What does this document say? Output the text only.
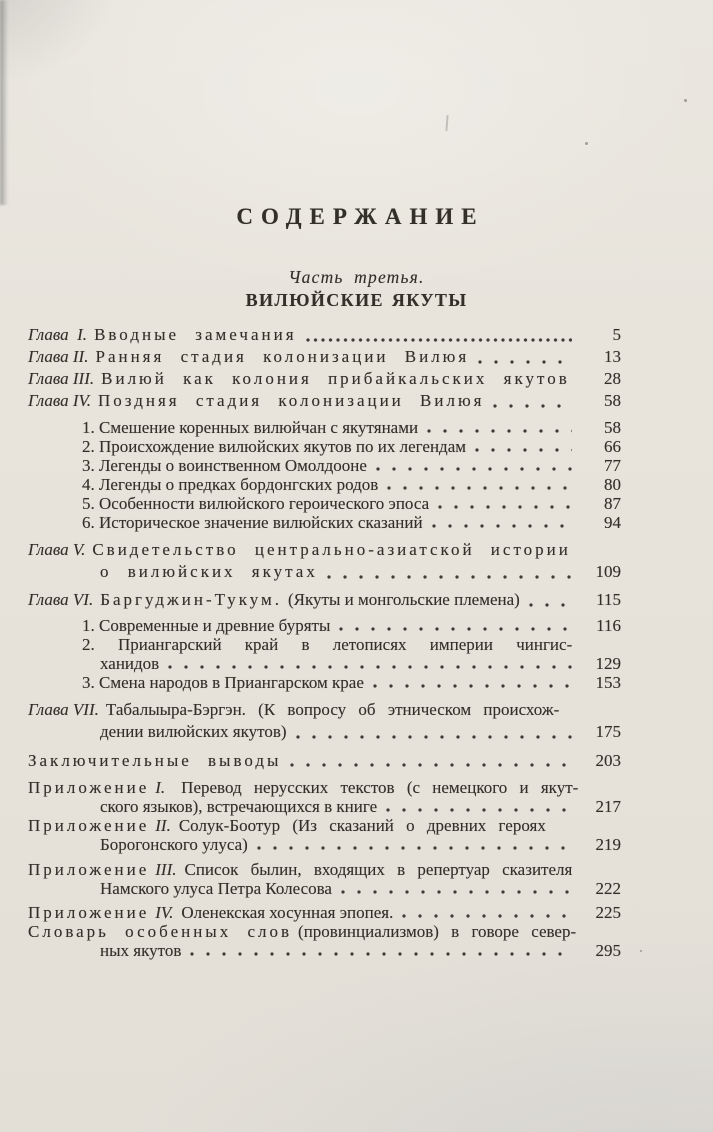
СОДЕРЖАНИЕ
Часть третья.
ВИЛЮЙСКИЕ ЯКУТЫ
Глава  I. Вводные замечания	5
Глава II. Ранняя стадия колонизации Вилюя	13
Глава III. Вилюй как колония прибайкальских якутов	28
Глава IV. Поздняя стадия колонизации Вилюя	58
1. Смешение коренных вилюйчан с якутянами	58
2. Происхождение вилюйских якутов по их легендам	66
3. Легенды о воинственном Омолдооне	77
4. Легенды о предках бордонгских родов	80
5. Особенности вилюйского героического эпоса	87
6. Историческое значение вилюйских сказаний	94
Глава V. Свидетельство центрально-азиатской истории
о вилюйских якутах	109
Глава VI. Баргуджин-Тукум. (Якуты и монгольские племена)	115
1. Современные и древние буряты	116
2. Приангарский край в летописях империи чингис-
ханидов	129
3. Смена народов в Приангарском крае	153
Глава VII. Табалыыра-Бэргэн. (К вопросу об этническом происхож-
дении вилюйских якутов)	175
Заключительные выводы	203
Приложение I. Перевод нерусских текстов (с немецкого и якут-
ского языков), встречающихся в книге	217
Приложение II. Солук-Боотур (Из сказаний о древних героях
Борогонского улуса)	219
Приложение III. Список былин, входящих в репертуар сказителя
Намского улуса Петра Колесова	222
Приложение IV. Оленекская хосунная эпопея.	225
Словарь особенных слов (провинциализмов) в говоре север-
ных якутов	295
